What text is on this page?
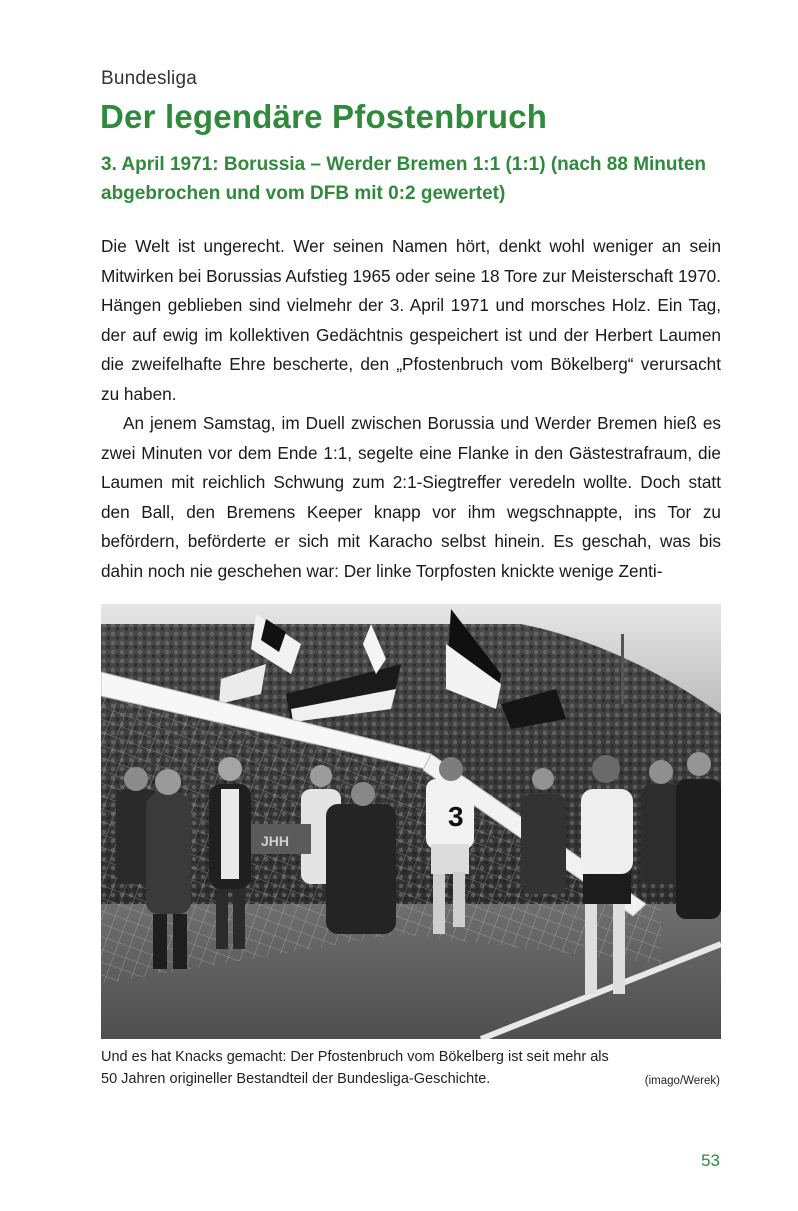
Bundesliga
Der legendäre Pfostenbruch
3. April 1971: Borussia – Werder Bremen 1:1 (1:1) (nach 88 Minuten abgebrochen und vom DFB mit 0:2 gewertet)

Die Welt ist ungerecht. Wer seinen Namen hört, denkt wohl weniger an sein Mitwirken bei Borussias Aufstieg 1965 oder seine 18 Tore zur Meisterschaft 1970. Hängen geblieben sind vielmehr der 3. April 1971 und morsches Holz. Ein Tag, der auf ewig im kollektiven Gedächtnis gespeichert ist und der Herbert Laumen die zweifelhafte Ehre bescherte, den „Pfostenbruch vom Bökelberg“ verursacht zu haben.

An jenem Samstag, im Duell zwischen Borussia und Werder Bremen hieß es zwei Minuten vor dem Ende 1:1, segelte eine Flanke in den Gästestrafraum, die Laumen mit reichlich Schwung zum 2:1-Siegtreffer veredeln wollte. Doch statt den Ball, den Bremens Keeper knapp vor ihm wegschnappte, ins Tor zu befördern, beförderte er sich mit Karacho selbst hinein. Es geschah, was bis dahin noch nie geschehen war: Der linke Torpfosten knickte wenige Zenti-

3
JHH
Und es hat Knacks gemacht: Der Pfostenbruch vom Bökelberg ist seit mehr als
50 Jahren origineller Bestandteil der Bundesliga-Geschichte.	(imago/Werek)
53
